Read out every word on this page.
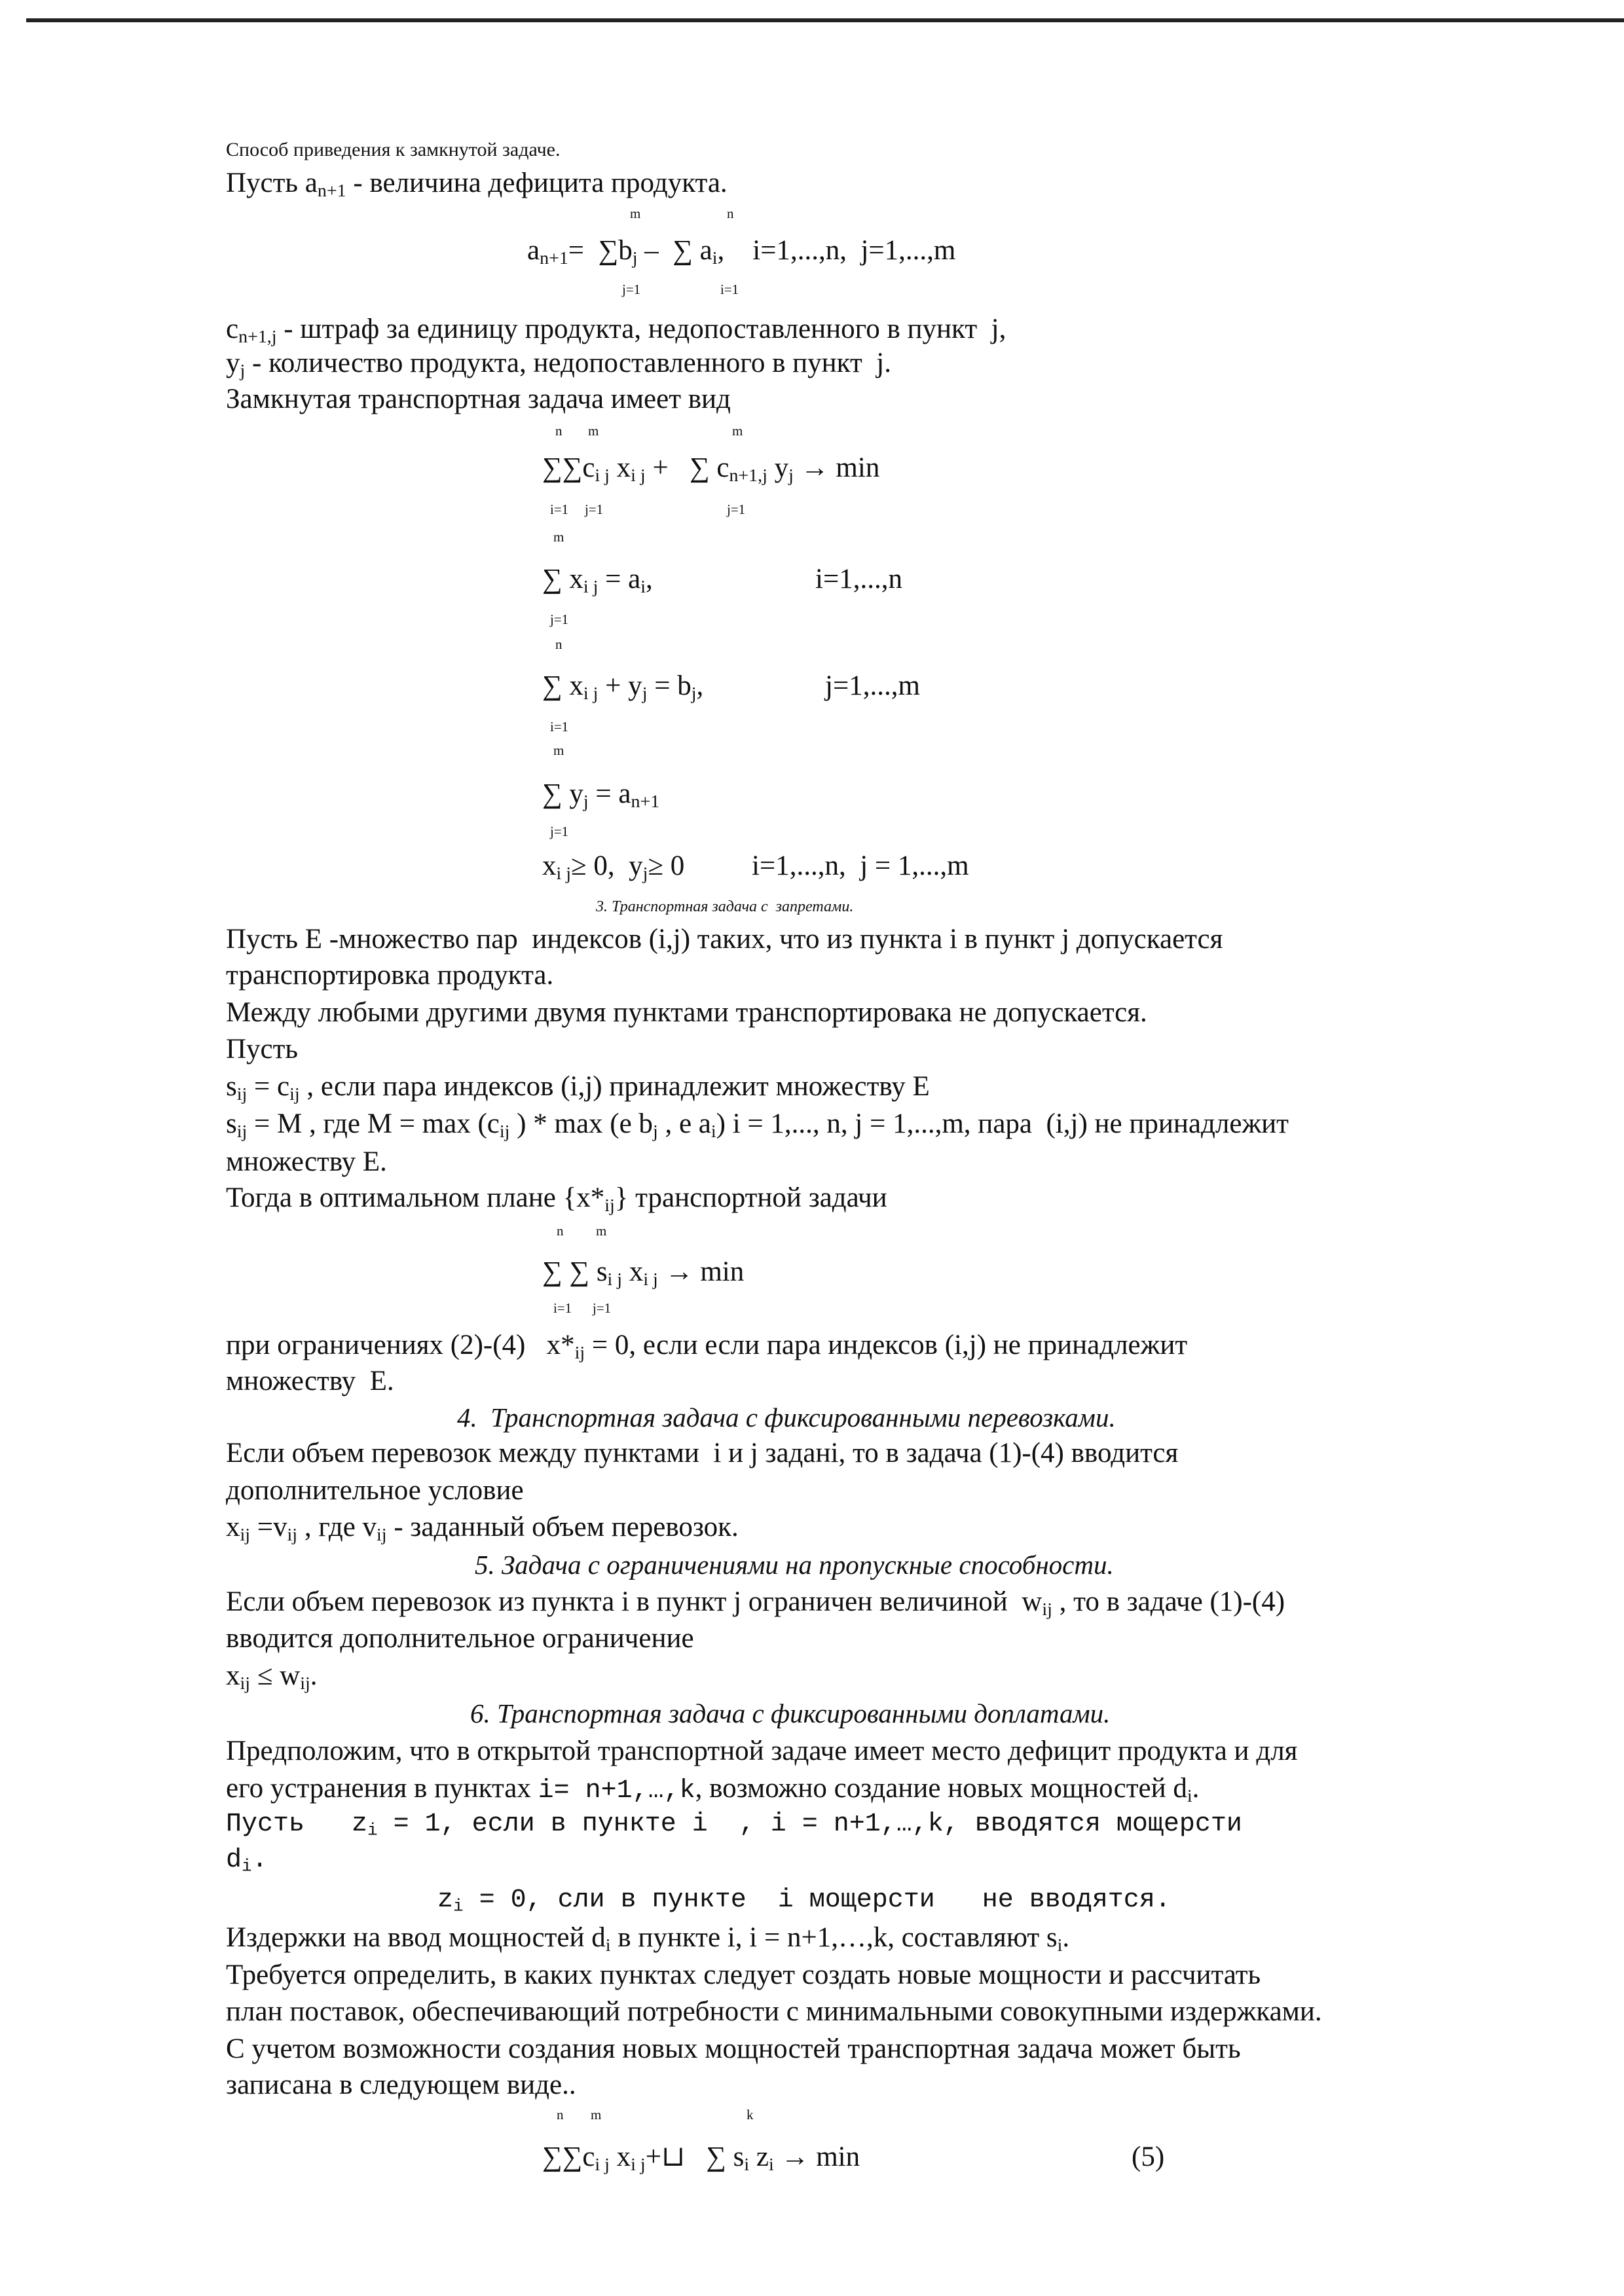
Способ приведения к замкнутой задаче.
Пусть $a_{n+1}$ - величина дефицита продукта.
m	n
$a_{n+1}= \sum b_j$ – ∑ $a_i$,    i=1,...,n,  j=1,...,m
j=1	i=1
$c_{n+1,j}$ - штраф за единицу продукта, недопоставленного в пункт  j,
$y_j$ - количество продукта, недопоставленного в пункт  j.
Замкнутая транспортная задача имеет вид
n m	m
$\sum\sum c_{i j}$ $x_{i j}$ + ∑ $c_{n+1,j}$ $y_j \to \min$
i=1 j=1	j=1
m
∑ $x_{i j} = a_i$,	i=1,...,n
j=1
n
∑ $x_{i j} + y_j = b_j$,	j=1,...,m
i=1
m
∑ $y_j = a_{n+1}$
j=1
$x_{i j}\ge 0$,  $y_j\ge 0$ i=1,...,n,  j = 1,...,m
3. Транспортная задача с  запретами.
Пусть E -множество пар  индексов (i,j) таких, что из пункта i в пункт j допускается
транспортировка продукта.
Между любыми другими двумя пунктами транспортировака не допускается.
Пусть
$s_{ij} = c_{ij}$ , если пара индексов (i,j) принадлежит множеству E
$s_{ij} = M$ , где $M = \max (c_{ij}$ ) * max (e $b_j$ , e $a_i$) i = 1,..., n, j = 1,...,m, пара  (i,j) не принадлежит
множеству E.
Тогда в оптимальном плане $\{x*_{ij}\}$ транспортной задачи
n m
∑ ∑ $s_{i j}$ $x_{i j} \to \min$
i=1 j=1
при ограничениях (2)-(4)   $x*_{ij} = 0$, если если пара индексов (i,j) не принадлежит
множеству  E.
4.  Транспортная задача с фиксированными перевозками.
Если объем перевозок между пунктами  i и j задані, то в задача (1)-(4) вводится
дополнительное условие
$x_{ij} =v_{ij}$ , где $v_{ij}$ - заданный объем перевозок.
5. Задача с ограничениями на пропускные способности.
Если объем перевозок из пункта i в пункт j ограничен величиной  $w_{ij}$ , то в задаче (1)-(4)
вводится дополнительное ограничение
$x_{ij} \le w_{ij}$.
6. Транспортная задача с фиксированными доплатами.
Предположим, что в открытой транспортной задаче имеет место дефицит продукта и для
его устранения в пунктах i= n+1,…,k, возможно создание новых мощностей $d_i$.
Пусть   $z_i = 1$, если в пункте i  , i = n+1,…,k, вводятся мощерсти
$d_i$.
$z_i = 0$, сли в пункте  i мощерсти   не вводятся.
Издержки на ввод мощностей $d_i$ в пункте i, i = n+1,…,k, составляют $s_i$.
Требуется определить, в каких пунктах следует создать новые мощности и рассчитать
план поставок, обеспечивающий потребности с минимальными совокупными издержками.
С учетом возможности создания новых мощностей транспортная задача может быть
записана в следующем виде..
n m	k
$\sum\sum c_{i j}$ $x_{i j}+⊔$ ∑ $s_i$ $z_i \to \min$	(5)
